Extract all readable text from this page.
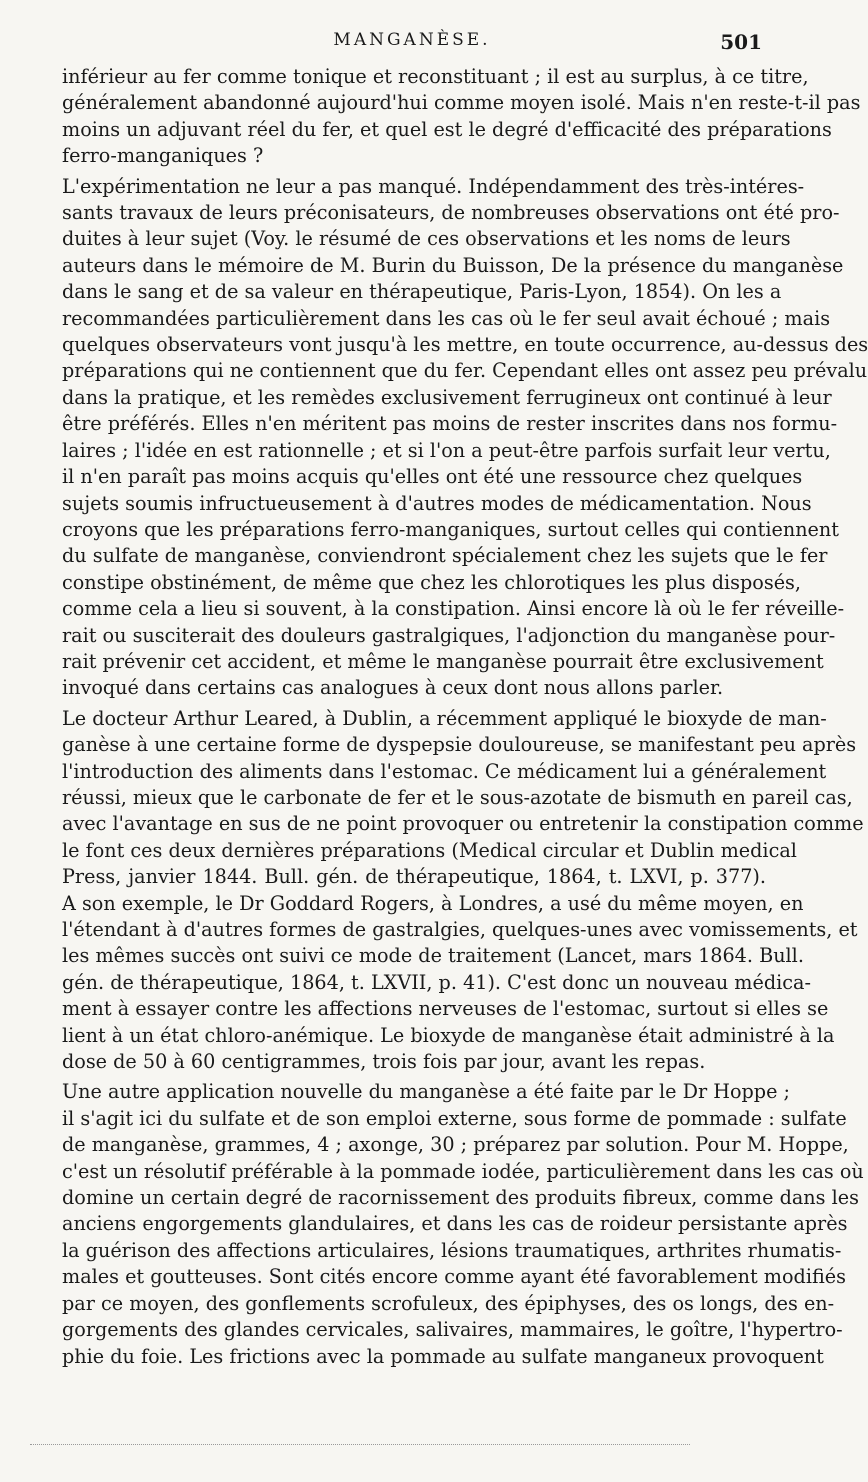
MANGANÈSE.	501
inférieur au fer comme tonique et reconstituant ; il est au surplus, à ce titre,
généralement abandonné aujourd'hui comme moyen isolé. Mais n'en reste-t-il pas
moins un adjuvant réel du fer, et quel est le degré d'efficacité des préparations
ferro-manganiques ?
L'expérimentation ne leur a pas manqué. Indépendamment des très-intéres-
sants travaux de leurs préconisateurs, de nombreuses observations ont été pro-
duites à leur sujet (Voy. le résumé de ces observations et les noms de leurs
auteurs dans le mémoire de M. Burin du Buisson, De la présence du manganèse
dans le sang et de sa valeur en thérapeutique, Paris-Lyon, 1854). On les a
recommandées particulièrement dans les cas où le fer seul avait échoué ; mais
quelques observateurs vont jusqu'à les mettre, en toute occurrence, au-dessus des
préparations qui ne contiennent que du fer. Cependant elles ont assez peu prévalu
dans la pratique, et les remèdes exclusivement ferrugineux ont continué à leur
être préférés. Elles n'en méritent pas moins de rester inscrites dans nos formu-
laires ; l'idée en est rationnelle ; et si l'on a peut-être parfois surfait leur vertu,
il n'en paraît pas moins acquis qu'elles ont été une ressource chez quelques
sujets soumis infructueusement à d'autres modes de médicamentation. Nous
croyons que les préparations ferro-manganiques, surtout celles qui contiennent
du sulfate de manganèse, conviendront spécialement chez les sujets que le fer
constipe obstinément, de même que chez les chlorotiques les plus disposés,
comme cela a lieu si souvent, à la constipation. Ainsi encore là où le fer réveille-
rait ou susciterait des douleurs gastralgiques, l'adjonction du manganèse pour-
rait prévenir cet accident, et même le manganèse pourrait être exclusivement
invoqué dans certains cas analogues à ceux dont nous allons parler.
Le docteur Arthur Leared, à Dublin, a récemment appliqué le bioxyde de man-
ganèse à une certaine forme de dyspepsie douloureuse, se manifestant peu après
l'introduction des aliments dans l'estomac. Ce médicament lui a généralement
réussi, mieux que le carbonate de fer et le sous-azotate de bismuth en pareil cas,
avec l'avantage en sus de ne point provoquer ou entretenir la constipation comme
le font ces deux dernières préparations (Medical circular et Dublin medical
Press, janvier 1844. Bull. gén. de thérapeutique, 1864, t. LXVI, p. 377).
A son exemple, le Dr Goddard Rogers, à Londres, a usé du même moyen, en
l'étendant à d'autres formes de gastralgies, quelques-unes avec vomissements, et
les mêmes succès ont suivi ce mode de traitement (Lancet, mars 1864. Bull.
gén. de thérapeutique, 1864, t. LXVII, p. 41). C'est donc un nouveau médica-
ment à essayer contre les affections nerveuses de l'estomac, surtout si elles se
lient à un état chloro-anémique. Le bioxyde de manganèse était administré à la
dose de 50 à 60 centigrammes, trois fois par jour, avant les repas.
Une autre application nouvelle du manganèse a été faite par le Dr Hoppe ;
il s'agit ici du sulfate et de son emploi externe, sous forme de pommade : sulfate
de manganèse, grammes, 4 ; axonge, 30 ; préparez par solution. Pour M. Hoppe,
c'est un résolutif préférable à la pommade iodée, particulièrement dans les cas où
domine un certain degré de racornissement des produits fibreux, comme dans les
anciens engorgements glandulaires, et dans les cas de roideur persistante après
la guérison des affections articulaires, lésions traumatiques, arthrites rhumatis-
males et goutteuses. Sont cités encore comme ayant été favorablement modifiés
par ce moyen, des gonflements scrofuleux, des épiphyses, des os longs, des en-
gorgements des glandes cervicales, salivaires, mammaires, le goître, l'hypertro-
phie du foie. Les frictions avec la pommade au sulfate manganeux provoquent
